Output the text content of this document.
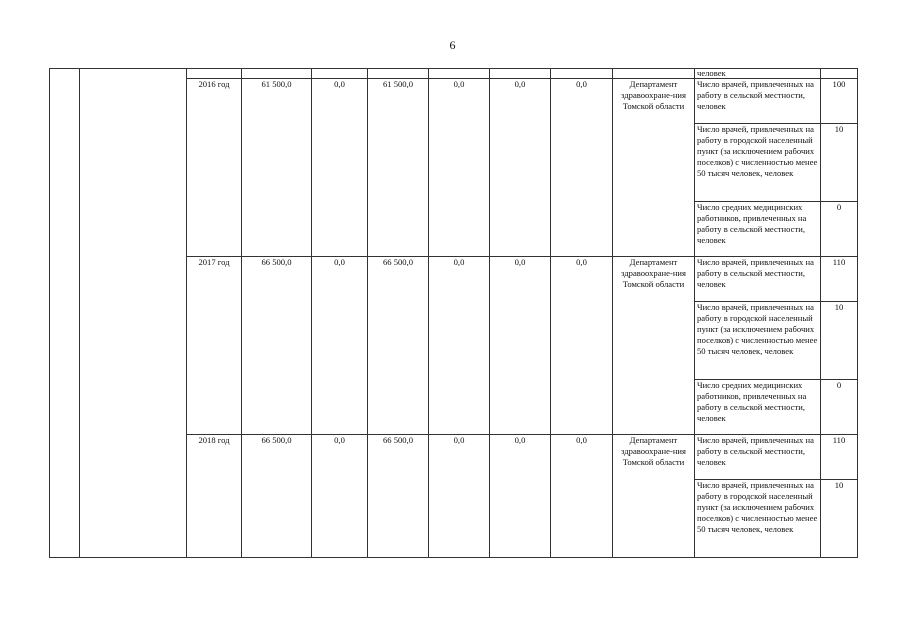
6
										человек	
		2016 год	61 500,0	0,0	61 500,0	0,0	0,0	0,0	Департамент здравоохране-ния Томской области	Число врачей, привлеченных на работу в сельской местности, человек	100
										Число врачей, привлеченных на работу в городской населенный пункт (за исключением рабочих поселков) с численностью менее 50 тысяч человек, человек	10
										Число средних медицинских работников, привлеченных на работу в сельской местности, человек	0
		2017 год	66 500,0	0,0	66 500,0	0,0	0,0	0,0	Департамент здравоохране-ния Томской области	Число врачей, привлеченных на работу в сельской местности, человек	110
										Число врачей, привлеченных на работу в городской населенный пункт (за исключением рабочих поселков) с численностью менее 50 тысяч человек, человек	10
										Число средних медицинских работников, привлеченных на работу в сельской местности, человек	0
		2018 год	66 500,0	0,0	66 500,0	0,0	0,0	0,0	Департамент здравоохране-ния Томской области	Число врачей, привлеченных на работу в сельской местности, человек	110
										Число врачей, привлеченных на работу в городской населенный пункт (за исключением рабочих поселков) с численностью менее 50 тысяч человек, человек	10
